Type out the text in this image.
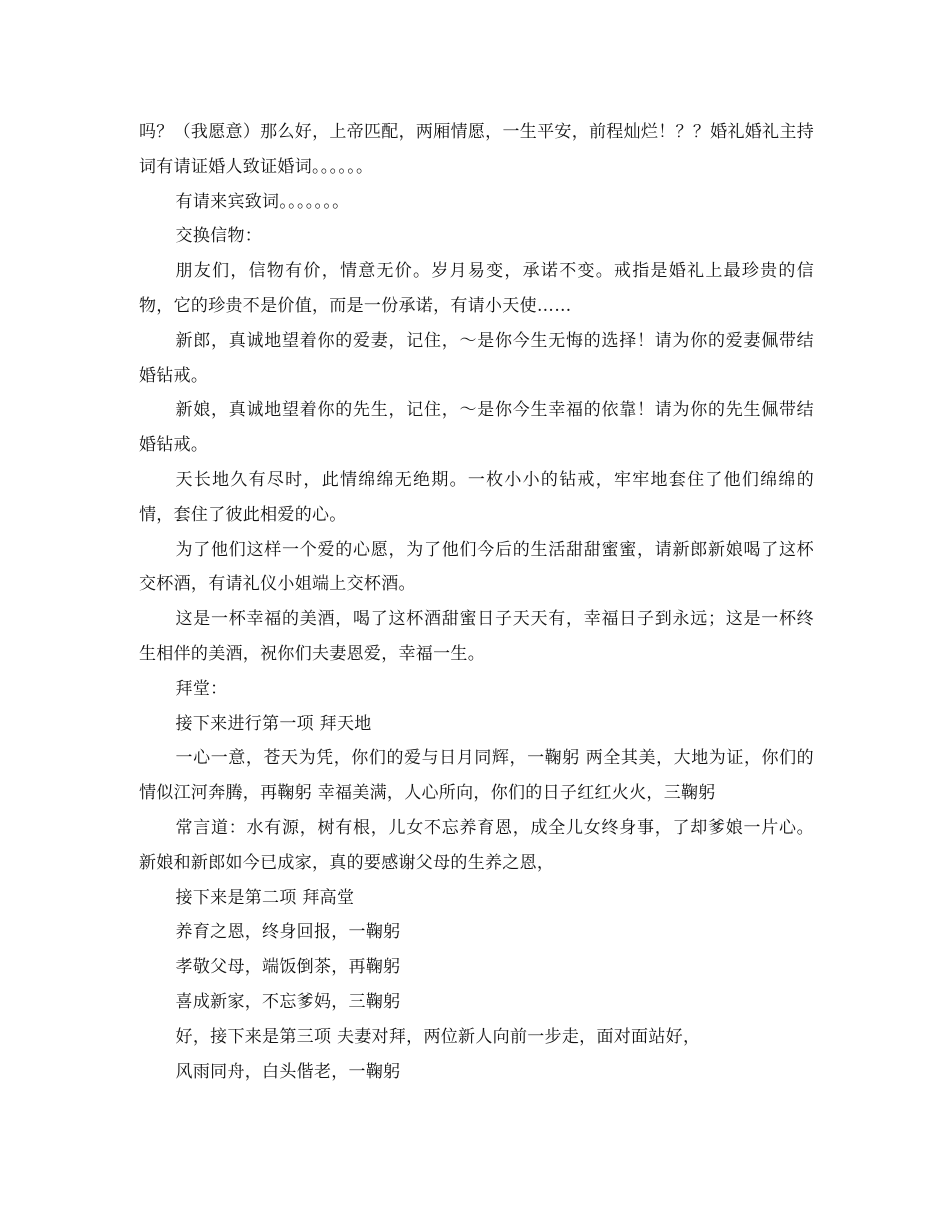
吗？（我愿意）那么好，上帝匹配，两厢情愿，一生平安，前程灿烂！？？婚礼婚礼主持词有请证婚人致证婚词。。。。。。

有请来宾致词。。。。。。。

交换信物：

朋友们，信物有价，情意无价。岁月易变，承诺不变。戒指是婚礼上最珍贵的信物，它的珍贵不是价值，而是一份承诺，有请小天使……

新郎，真诚地望着你的爱妻，记住，～是你今生无悔的选择！请为你的爱妻佩带结婚钻戒。

新娘，真诚地望着你的先生，记住，～是你今生幸福的依靠！请为你的先生佩带结婚钻戒。

天长地久有尽时，此情绵绵无绝期。一枚小小的钻戒，牢牢地套住了他们绵绵的情，套住了彼此相爱的心。

为了他们这样一个爱的心愿，为了他们今后的生活甜甜蜜蜜，请新郎新娘喝了这杯交杯酒，有请礼仪小姐端上交杯酒。

这是一杯幸福的美酒，喝了这杯酒甜蜜日子天天有，幸福日子到永远；这是一杯终生相伴的美酒，祝你们夫妻恩爱，幸福一生。

拜堂：

接下来进行第一项 拜天地

一心一意，苍天为凭，你们的爱与日月同辉，一鞠躬 两全其美，大地为证，你们的情似江河奔腾，再鞠躬 幸福美满，人心所向，你们的日子红红火火，三鞠躬

常言道：水有源，树有根，儿女不忘养育恩，成全儿女终身事，了却爹娘一片心。新娘和新郎如今已成家，真的要感谢父母的生养之恩，

接下来是第二项 拜高堂

养育之恩，终身回报，一鞠躬

孝敬父母，端饭倒茶，再鞠躬

喜成新家，不忘爹妈，三鞠躬

好，接下来是第三项 夫妻对拜，两位新人向前一步走，面对面站好，

风雨同舟，白头偕老，一鞠躬
